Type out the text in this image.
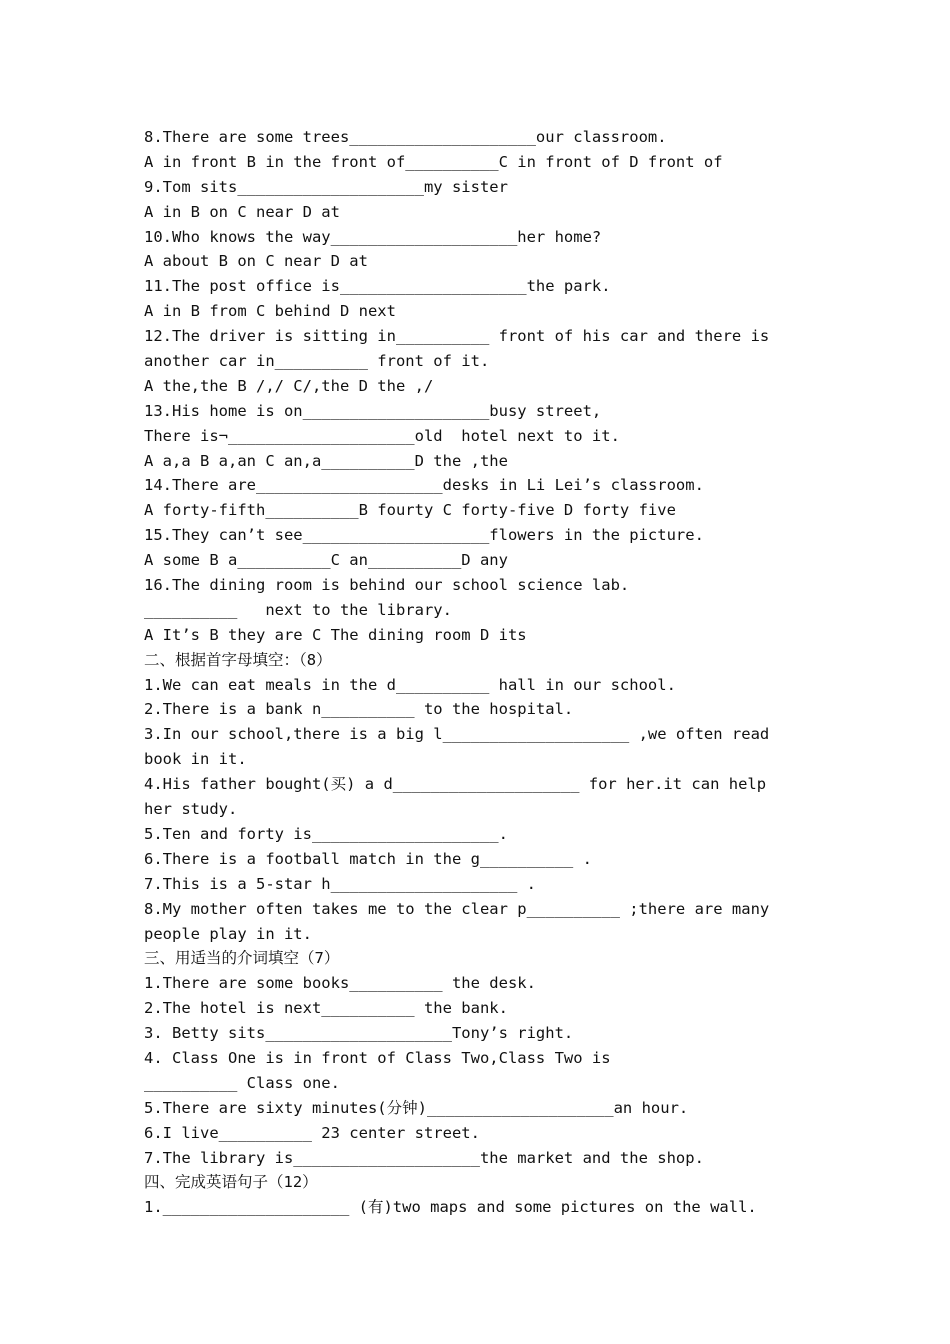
8.There are some trees____________________our classroom.
A in front B in the front of__________C in front of D front of
9.Tom sits____________________my sister
A in B on C near D at
10.Who knows the way____________________her home?
A about B on C near D at
11.The post office is____________________the park.
A in B from C behind D next
12.The driver is sitting in__________ front of his car and there is
another car in__________ front of it.
A the,the B /,/ C/,the D the ,/
13.His home is on____________________busy street,
There is¬____________________old  hotel next to it.
A a,a B a,an C an,a__________D the ,the
14.There are____________________desks in Li Lei’s classroom.
A forty-fifth__________B fourty C forty-five D forty five
15.They can’t see____________________flowers in the picture.
A some B a__________C an__________D any
16.The dining room is behind our school science lab.
__________   next to the library.
A It’s B they are C The dining room D its
二、根据首字母填空：（8）
1.We can eat meals in the d__________ hall in our school.
2.There is a bank n__________ to the hospital.
3.In our school,there is a big l____________________ ,we often read
book in it.
4.His father bought(买) a d____________________ for her.it can help
her study.
5.Ten and forty is____________________.
6.There is a football match in the g__________ .
7.This is a 5-star h____________________ .
8.My mother often takes me to the clear p__________ ;there are many
people play in it.
三、用适当的介词填空（7）
1.There are some books__________ the desk.
2.The hotel is next__________ the bank.
3. Betty sits____________________Tony’s right.
4. Class One is in front of Class Two,Class Two is
__________ Class one.
5.There are sixty minutes(分钟)____________________an hour.
6.I live__________ 23 center street.
7.The library is____________________the market and the shop.
四、完成英语句子（12）
1.____________________ (有)two maps and some pictures on the wall.
